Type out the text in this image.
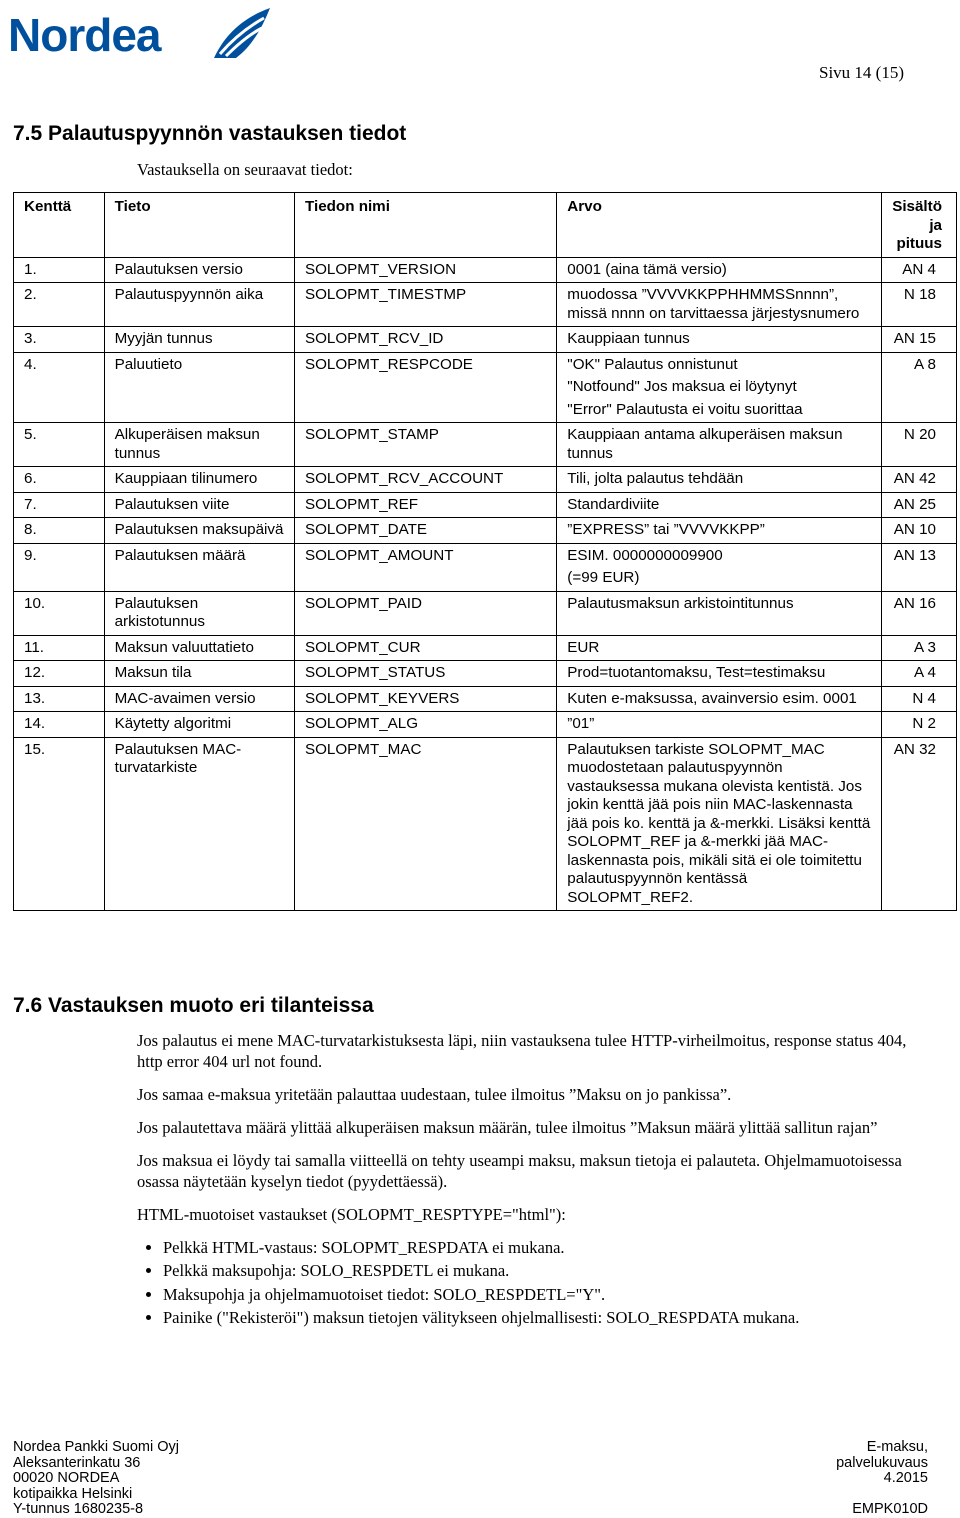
Nordea
Sivu 14 (15)
7.5 Palautuspyynnön vastauksen tiedot
Vastauksella on seuraavat tiedot:
Kenttä	Tieto	Tiedon nimi	Arvo	Sisältö ja pituus
1.	Palautuksen versio	SOLOPMT_VERSION	0001 (aina tämä versio)	AN 4
2.	Palautuspyynnön aika	SOLOPMT_TIMESTMP	muodossa ”VVVVKKPPHHMMSSnnnn”, missä nnnn on tarvittaessa järjestysnumero	N 18
3.	Myyjän tunnus	SOLOPMT_RCV_ID	Kauppiaan tunnus	AN 15
4.	Paluutieto	SOLOPMT_RESPCODE	"OK" Palautus onnistunut
"Notfound" Jos maksua ei löytynyt
"Error" Palautusta ei voitu suorittaa	A 8
5.	Alkuperäisen maksun tunnus	SOLOPMT_STAMP	Kauppiaan antama alkuperäisen maksun tunnus	N 20
6.	Kauppiaan tilinumero	SOLOPMT_RCV_ACCOUNT	Tili, jolta palautus tehdään	AN 42
7.	Palautuksen viite	SOLOPMT_REF	Standardiviite	AN 25
8.	Palautuksen maksupäivä	SOLOPMT_DATE	”EXPRESS” tai ”VVVVKKPP”	AN 10
9.	Palautuksen määrä	SOLOPMT_AMOUNT	ESIM. 0000000009900
(=99 EUR)	AN 13
10.	Palautuksen arkistotunnus	SOLOPMT_PAID	Palautusmaksun arkistointitunnus	AN 16
11.	Maksun valuuttatieto	SOLOPMT_CUR	EUR	A 3
12.	Maksun tila	SOLOPMT_STATUS	Prod=tuotantomaksu, Test=testimaksu	A 4
13.	MAC-avaimen versio	SOLOPMT_KEYVERS	Kuten e-maksussa, avainversio esim. 0001	N 4
14.	Käytetty algoritmi	SOLOPMT_ALG	”01”	N 2
15.	Palautuksen MAC-turvatarkiste	SOLOPMT_MAC	Palautuksen tarkiste SOLOPMT_MAC muodostetaan palautuspyynnön vastauksessa mukana olevista kentistä. Jos jokin kenttä jää pois niin MAC-laskennasta jää pois ko. kenttä ja &-merkki. Lisäksi kenttä SOLOPMT_REF ja &-merkki jää MAC-laskennasta pois, mikäli sitä ei ole toimitettu palautuspyynnön kentässä SOLOPMT_REF2.	AN 32
7.6 Vastauksen muoto eri tilanteissa

Jos palautus ei mene MAC-turvatarkistuksesta läpi, niin vastauksena tulee HTTP-virheilmoitus, response status 404, http error 404 url not found.

Jos samaa e-maksua yritetään palauttaa uudestaan, tulee ilmoitus ”Maksu on jo pankissa”.

Jos palautettava määrä ylittää alkuperäisen maksun määrän, tulee ilmoitus ”Maksun määrä ylittää sallitun rajan”

Jos maksua ei löydy tai samalla viitteellä on tehty useampi maksu, maksun tietoja ei palauteta. Ohjelmamuotoisessa osassa näytetään kyselyn tiedot (pyydettäessä).

HTML-muotoiset vastaukset (SOLOPMT_RESPTYPE="html"):

• Pelkkä HTML-vastaus: SOLOPMT_RESPDATA ei mukana.
• Pelkkä maksupohja: SOLO_RESPDETL ei mukana.
• Maksupohja ja ohjelmamuotoiset tiedot: SOLO_RESPDETL="Y".
• Painike ("Rekisteröi") maksun tietojen välitykseen ohjelmallisesti: SOLO_RESPDATA mukana.
Nordea Pankki Suomi Oyj
Aleksanterinkatu 36
00020 NORDEA
kotipaikka Helsinki
Y-tunnus 1680235-8
E-maksu,
palvelukuvaus
4.2015

EMPK010D
